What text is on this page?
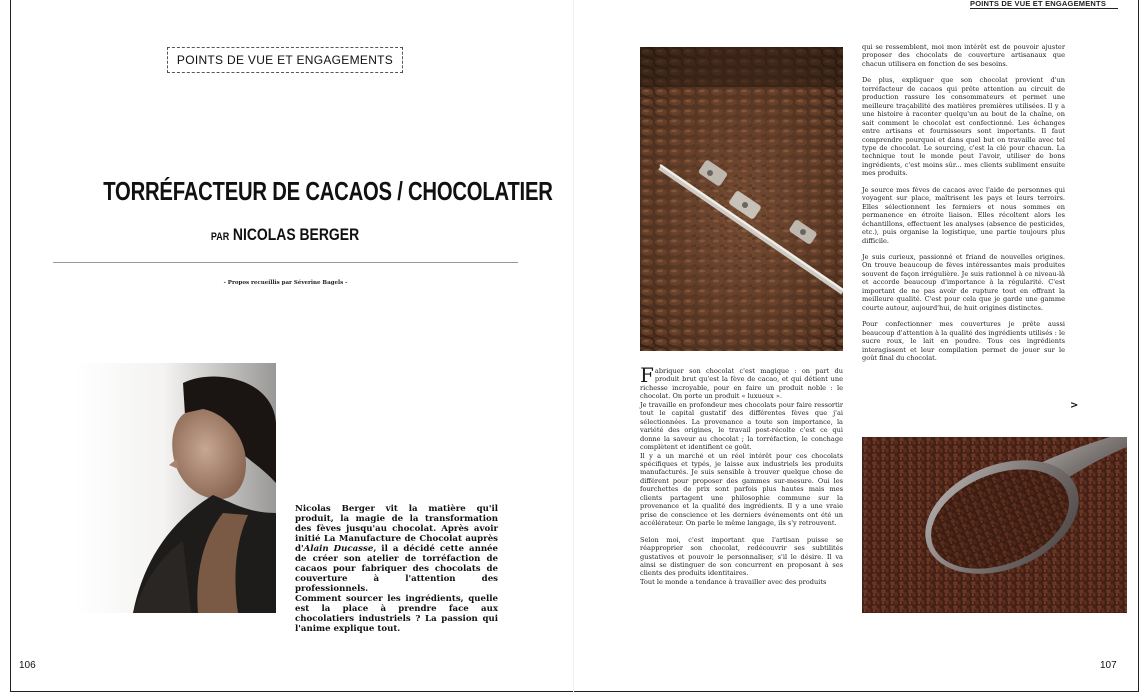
POINTS DE VUE ET ENGAGEMENTS
POINTS DE VUE ET ENGAGEMENTS
TORRÉFACTEUR DE CACAOS / CHOCOLATIER
PAR NICOLAS BERGER
- Propos recueillis par Séverine Bagels -

Nicolas Berger vit la matière qu'il produit, la magie de la transformation des fèves jusqu'au chocolat. Après avoir initié La Manufacture de Chocolat auprès d'Alain Ducasse, il a décidé cette année de créer son atelier de torréfaction de cacaos pour fabriquer des chocolats de couverture à l'attention des professionnels.

Comment sourcer les ingrédients, quelle est la place à prendre face aux chocolatiers industriels ? La passion qui l'anime explique tout.

106

Fabriquer son chocolat c'est magique : on part du produit brut qu'est la fève de cacao, et qui détient une richesse incroyable, pour en faire un produit noble : le chocolat. On porte un produit « luxueux ».

Je travaille en profondeur mes chocolats pour faire ressortir tout le capital gustatif des différentes fèves que j'ai sélectionnées. La provenance a toute son importance, la variété des origines, le travail post-récolte c'est ce qui donne la saveur au chocolat ; la torréfaction, le conchage complètent et identifient ce goût.

Il y a un marché et un réel intérêt pour ces chocolats spécifiques et typés, je laisse aux industriels les produits manufacturés. Je suis sensible à trouver quelque chose de différent pour proposer des gammes sur-mesure. Oui les fourchettes de prix sont parfois plus hautes mais mes clients partagent une philosophie commune sur la provenance et la qualité des ingrédients. Il y a une vraie prise de conscience et les derniers événements ont été un accélérateur. On parle le même langage, ils s'y retrouvent.

Selon moi, c'est important que l'artisan puisse se réapproprier son chocolat, redécouvrir ses subtilités gustatives et pouvoir le personnaliser, s'il le désire. Il va ainsi se distinguer de son concurrent en proposant à ses clients des produits identitaires.

Tout le monde a tendance à travailler avec des produits

qui se ressemblent, moi mon intérêt est de pouvoir ajuster proposer des chocolats de couverture artisanaux que chacun utilisera en fonction de ses besoins.

De plus, expliquer que son chocolat provient d'un torréfacteur de cacaos qui prête attention au circuit de production rassure les consommateurs et permet une meilleure traçabilité des matières premières utilisées. Il y a une histoire à raconter quelqu'un au bout de la chaîne, on sait comment le chocolat est confectionné. Les échanges entre artisans et fournisseurs sont importants. Il faut comprendre pourquoi et dans quel but on travaille avec tel type de chocolat. Le sourcing, c'est la clé pour chacun. La technique tout le monde peut l'avoir, utiliser de bons ingrédients, c'est moins sûr... mes clients subliment ensuite mes produits.

Je source mes fèves de cacaos avec l'aide de personnes qui voyagent sur place, maîtrisent les pays et leurs terroirs. Elles sélectionnent les fermiers et nous sommes en permanence en étroite liaison. Elles récoltent alors les échantillons, effectuent les analyses (absence de pesticides, etc.), puis organise la logistique, une partie toujours plus difficile.

Je suis curieux, passionné et friand de nouvelles origines. On trouve beaucoup de fèves intéressantes mais produites souvent de façon irrégulière. Je suis rationnel à ce niveau-là et accorde beaucoup d'importance à la régularité. C'est important de ne pas avoir de rupture tout en offrant la meilleure qualité. C'est pour cela que je garde une gamme courte autour, aujourd'hui, de huit origines distinctes.

Pour confectionner mes couvertures je prête aussi beaucoup d'attention à la qualité des ingrédients utilisés : le sucre roux, le lait en poudre. Tous ces ingrédients interagissent et leur compilation permet de jouer sur le goût final du chocolat.

>
107
